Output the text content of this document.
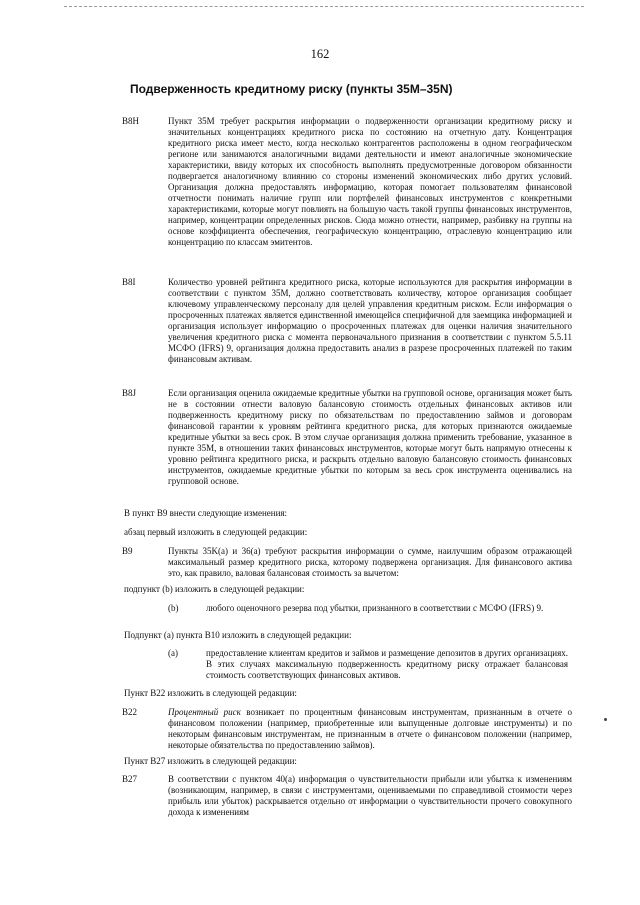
162
Подверженность кредитному риску (пункты 35M–35N)
B8H	Пункт 35M требует раскрытия информации о подверженности организации кредитному риску и значительных концентрациях кредитного риска по состоянию на отчетную дату. Концентрация кредитного риска имеет место, когда несколько контрагентов расположены в одном географическом регионе или занимаются аналогичными видами деятельности и имеют аналогичные экономические характеристики, ввиду которых их способность выполнять предусмотренные договором обязанности подвергается аналогичному влиянию со стороны изменений экономических либо других условий. Организация должна предоставлять информацию, которая помогает пользователям финансовой отчетности понимать наличие групп или портфелей финансовых инструментов с конкретными характеристиками, которые могут повлиять на большую часть такой группы финансовых инструментов, например, концентрации определенных рисков. Сюда можно отнести, например, разбивку на группы на основе коэффициента обеспечения, географическую концентрацию, отраслевую концентрацию или концентрацию по классам эмитентов.
B8I	Количество уровней рейтинга кредитного риска, которые используются для раскрытия информации в соответствии с пунктом 35M, должно соответствовать количеству, которое организация сообщает ключевому управленческому персоналу для целей управления кредитным риском. Если информация о просроченных платежах является единственной имеющейся специфичной для заемщика информацией и организация использует информацию о просроченных платежах для оценки наличия значительного увеличения кредитного риска с момента первоначального признания в соответствии с пунктом 5.5.11 МСФО (IFRS) 9, организация должна предоставить анализ в разрезе просроченных платежей по таким финансовым активам.
B8J	Если организация оценила ожидаемые кредитные убытки на групповой основе, организация может быть не в состоянии отнести валовую балансовую стоимость отдельных финансовых активов или подверженность кредитному риску по обязательствам по предоставлению займов и договорам финансовой гарантии к уровням рейтинга кредитного риска, для которых признаются ожидаемые кредитные убытки за весь срок. В этом случае организация должна применить требование, указанное в пункте 35M, в отношении таких финансовых инструментов, которые могут быть напрямую отнесены к уровню рейтинга кредитного риска, и раскрыть отдельно валовую балансовую стоимость финансовых инструментов, ожидаемые кредитные убытки по которым за весь срок инструмента оценивались на групповой основе.
В пункт B9 внести следующие изменения:
абзац первый изложить в следующей редакции:
B9	Пункты 35K(a) и 36(a) требуют раскрытия информации о сумме, наилучшим образом отражающей максимальный размер кредитного риска, которому подвержена организация. Для финансового актива это, как правило, валовая балансовая стоимость за вычетом:
подпункт (b) изложить в следующей редакции:
(b)	любого оценочного резерва под убытки, признанного в соответствии с МСФО (IFRS) 9.
Подпункт (a) пункта B10 изложить в следующей редакции:
(a)	предоставление клиентам кредитов и займов и размещение депозитов в других организациях. В этих случаях максимальную подверженность кредитному риску отражает балансовая стоимость соответствующих финансовых активов.
Пункт B22 изложить в следующей редакции:
B22	Процентный риск возникает по процентным финансовым инструментам, признанным в отчете о финансовом положении (например, приобретенные или выпущенные долговые инструменты) и по некоторым финансовым инструментам, не признанным в отчете о финансовом положении (например, некоторые обязательства по предоставлению займов).
Пункт B27 изложить в следующей редакции:
B27	В соответствии с пунктом 40(а) информация о чувствительности прибыли или убытка к изменениям (возникающим, например, в связи с инструментами, оцениваемыми по справедливой стоимости через прибыль или убыток) раскрывается отдельно от информации о чувствительности прочего совокупного дохода к изменениям
